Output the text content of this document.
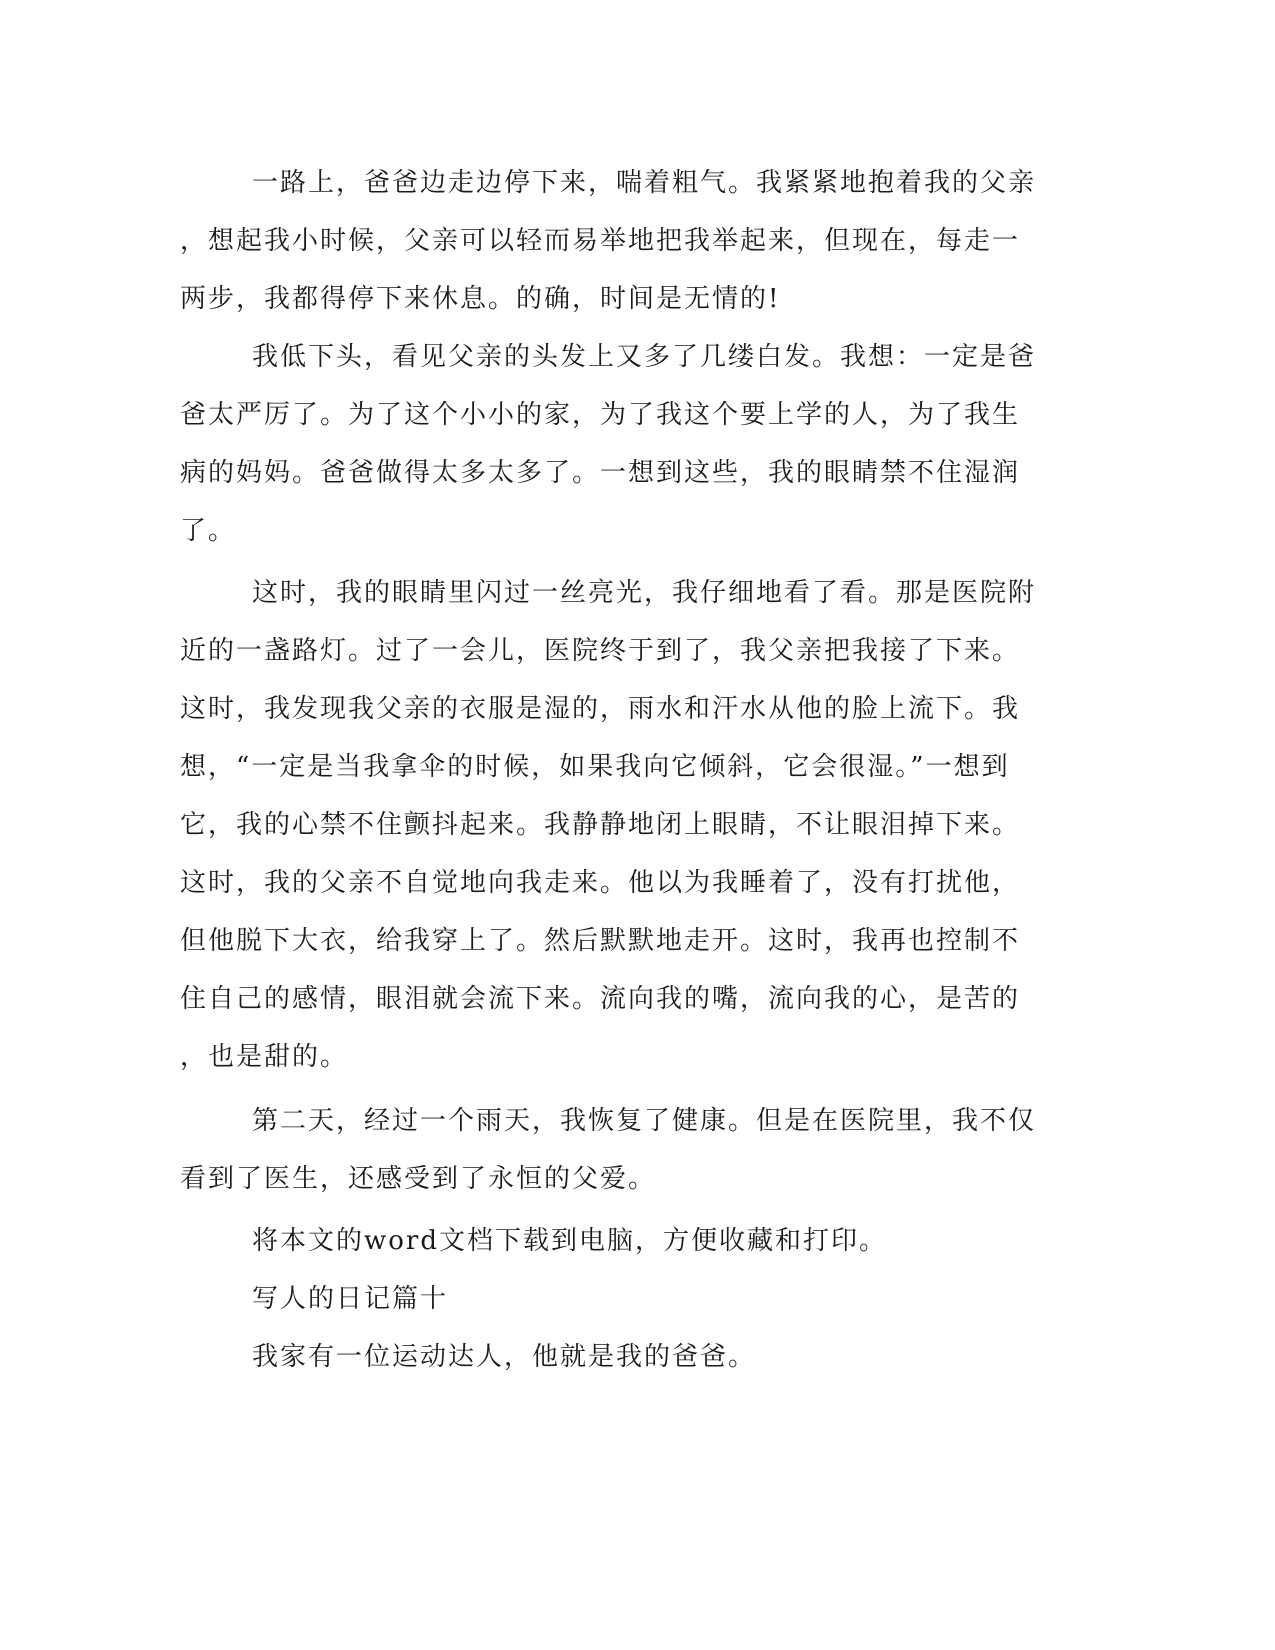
一路上，爸爸边走边停下来，喘着粗气。我紧紧地抱着我的父亲
，想起我小时候，父亲可以轻而易举地把我举起来，但现在，每走一
两步，我都得停下来休息。的确，时间是无情的!
我低下头，看见父亲的头发上又多了几缕白发。我想：一定是爸
爸太严厉了。为了这个小小的家，为了我这个要上学的人，为了我生
病的妈妈。爸爸做得太多太多了。一想到这些，我的眼睛禁不住湿润
了。
这时，我的眼睛里闪过一丝亮光，我仔细地看了看。那是医院附
近的一盏路灯。过了一会儿，医院终于到了，我父亲把我接了下来。
这时，我发现我父亲的衣服是湿的，雨水和汗水从他的脸上流下。我
想，“一定是当我拿伞的时候，如果我向它倾斜，它会很湿。”一想到
它，我的心禁不住颤抖起来。我静静地闭上眼睛，不让眼泪掉下来。
这时，我的父亲不自觉地向我走来。他以为我睡着了，没有打扰他，
但他脱下大衣，给我穿上了。然后默默地走开。这时，我再也控制不
住自己的感情，眼泪就会流下来。流向我的嘴，流向我的心，是苦的
，也是甜的。
第二天，经过一个雨天，我恢复了健康。但是在医院里，我不仅
看到了医生，还感受到了永恒的父爱。
将本文的word文档下载到电脑，方便收藏和打印。
写人的日记篇十
我家有一位运动达人，他就是我的爸爸。
